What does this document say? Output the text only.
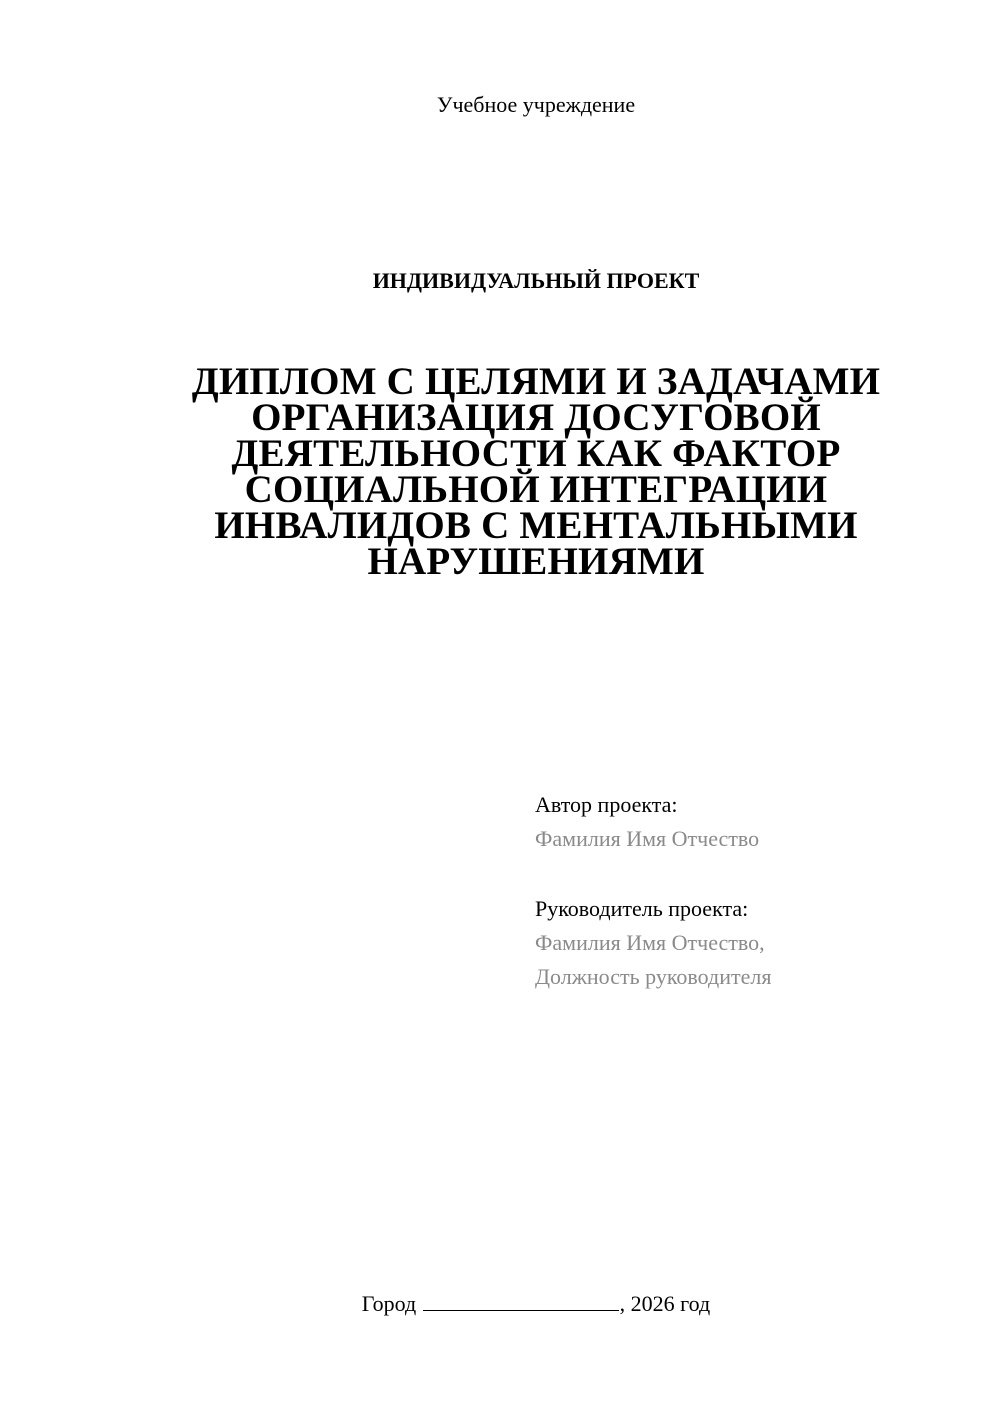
Учебное учреждение
ИНДИВИДУАЛЬНЫЙ ПРОЕКТ
ДИПЛОМ С ЦЕЛЯМИ И ЗАДАЧАМИ
ОРГАНИЗАЦИЯ ДОСУГОВОЙ
ДЕЯТЕЛЬНОСТИ КАК ФАКТОР
СОЦИАЛЬНОЙ ИНТЕГРАЦИИ
ИНВАЛИДОВ С МЕНТАЛЬНЫМИ
НАРУШЕНИЯМИ
Автор проекта:
Фамилия Имя Отчество
Руководитель проекта:
Фамилия Имя Отчество,
Должность руководителя
Город	, 2026 год
